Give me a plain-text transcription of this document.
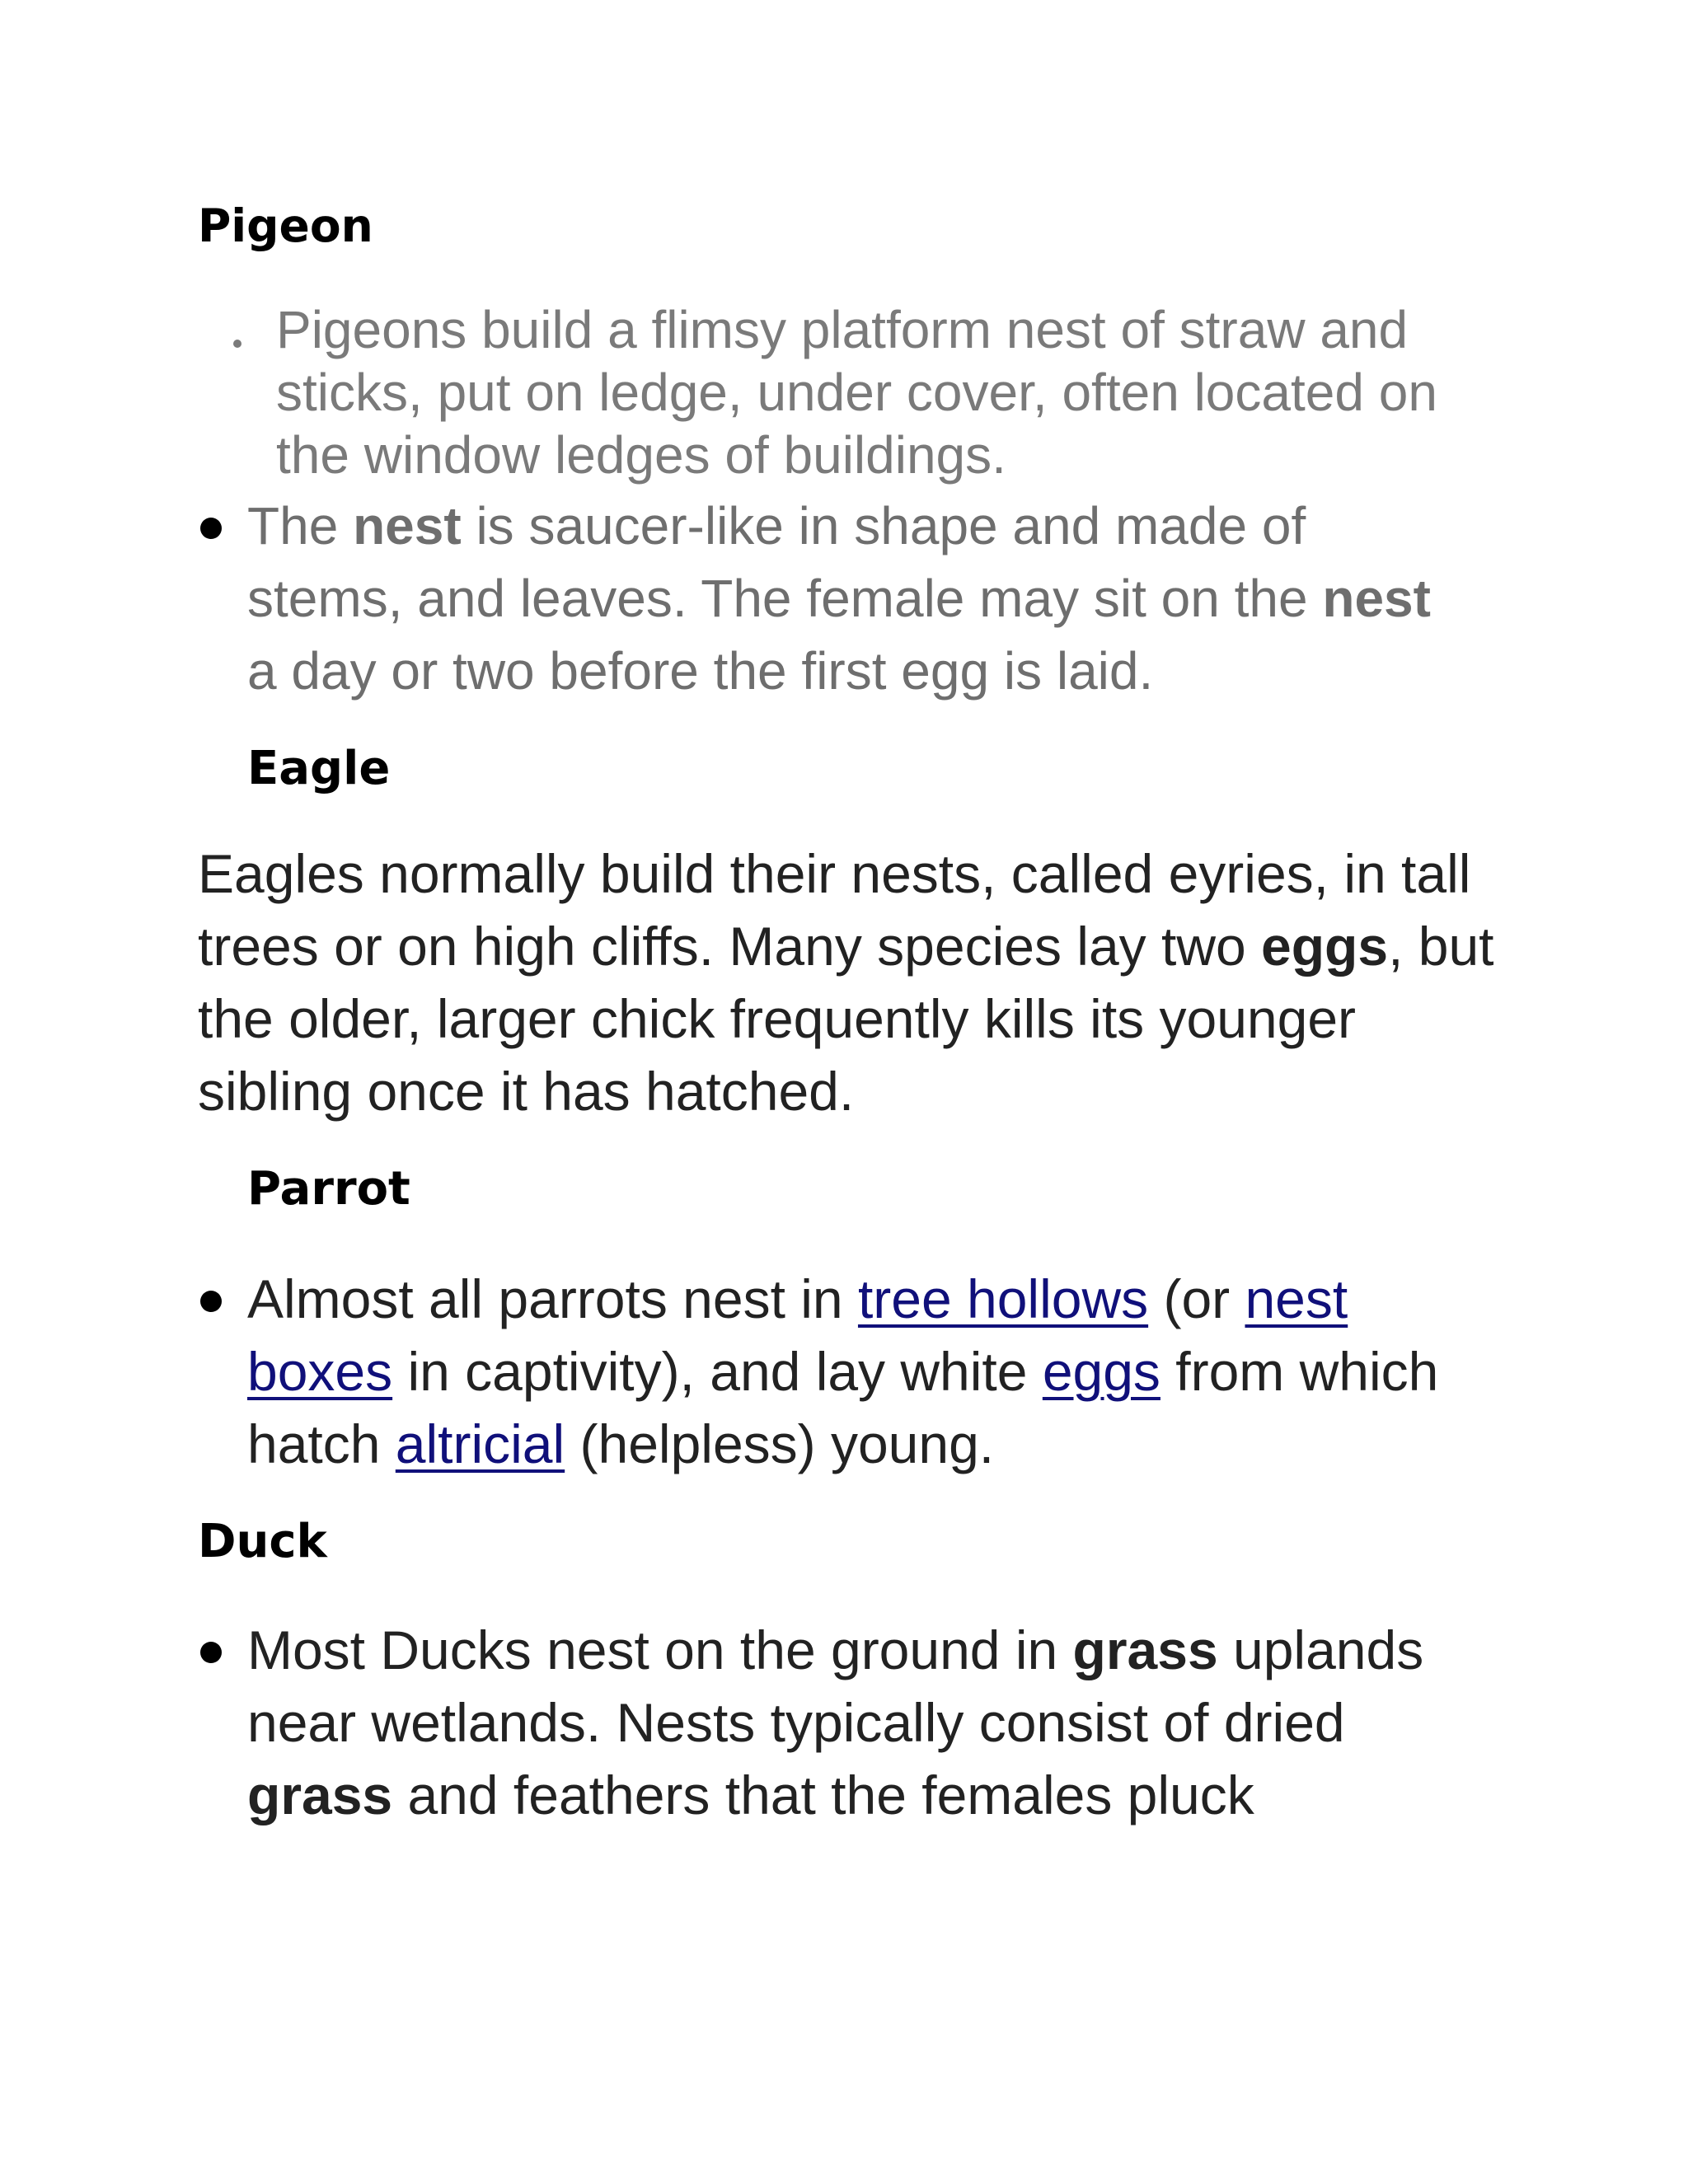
Pigeon

Pigeons build a flimsy platform nest of straw and sticks, put on ledge, under cover, often located on the window ledges of buildings.

The nest is saucer-like in shape and made of stems, and leaves. The female may sit on the nest a day or two before the first egg is laid.

Eagle

Eagles normally build their nests, called eyries, in tall trees or on high cliffs. Many species lay two eggs, but the older, larger chick frequently kills its younger sibling once it has hatched.

Parrot

Almost all parrots nest in tree hollows (or nest boxes in captivity), and lay white eggs from which hatch altricial (helpless) young.

Duck

Most Ducks nest on the ground in grass uplands near wetlands. Nests typically consist of dried grass and feathers that the females pluck
